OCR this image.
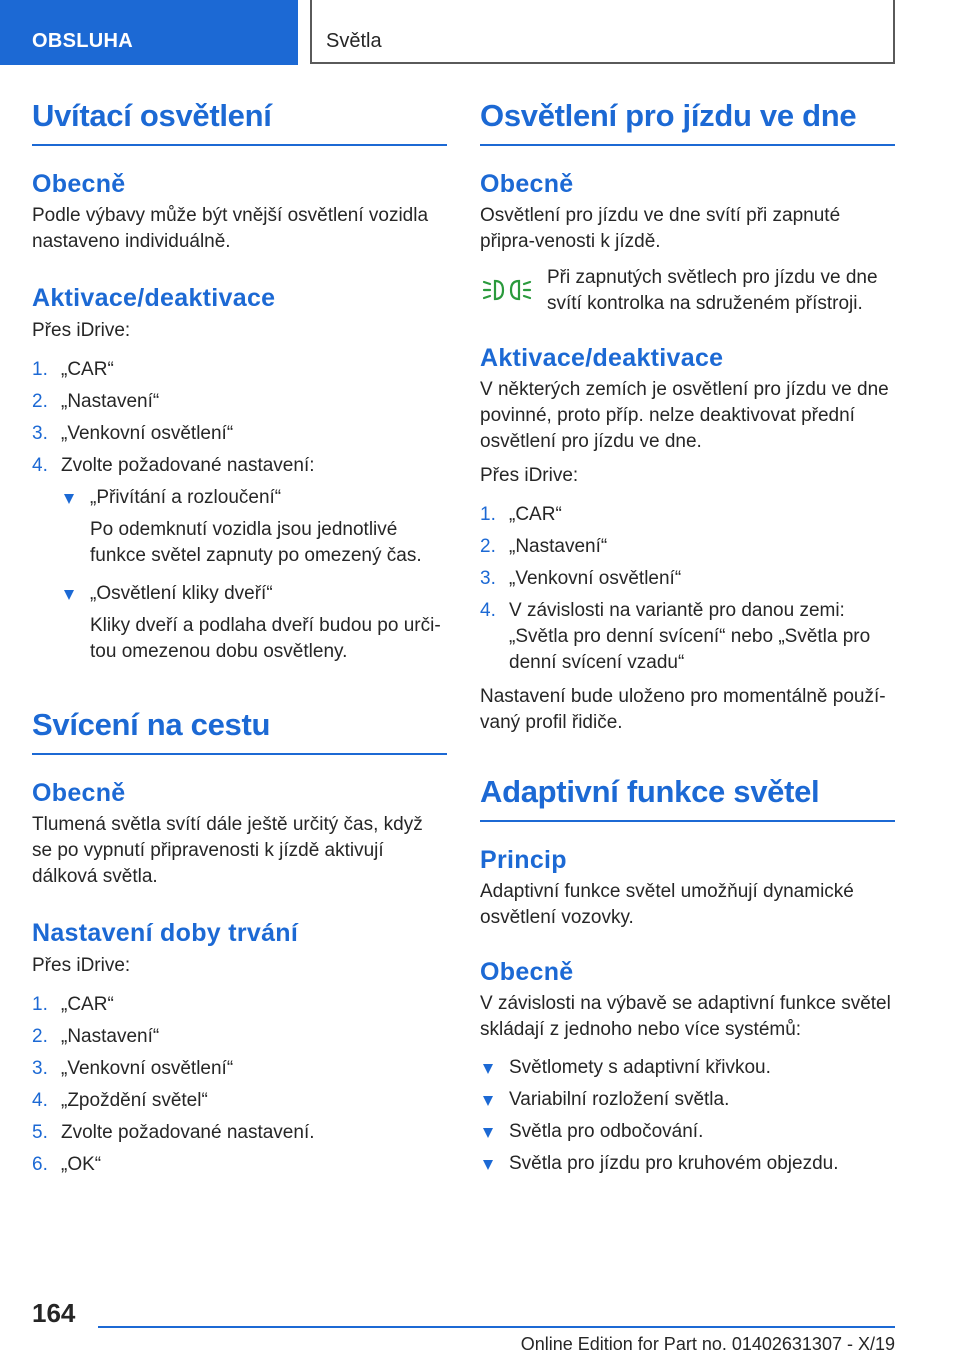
OBSLUHA	Světla
Uvítací osvětlení
Obecně

Podle výbavy může být vnější osvětlení vozidla nastaveno individuálně.

Aktivace/deaktivace

Přes iDrive:

1. „CAR“
2. „Nastavení“
3. „Venkovní osvětlení“
4. Zvolte požadované nastavení:
„Přivítání a rozloučení“

Po odemknutí vozidla jsou jednotlivé funkce světel zapnuty po omezený čas.

„Osvětlení kliky dveří“

Kliky dveří a podlaha dveří budou po urči-tou omezenou dobu osvětleny.

Svícení na cestu
Obecně

Tlumená světla svítí dále ještě určitý čas, když se po vypnutí připravenosti k jízdě aktivují dálková světla.

Nastavení doby trvání

Přes iDrive:

1. „CAR“
2. „Nastavení“
3. „Venkovní osvětlení“
4. „Zpoždění světel“
5. Zvolte požadované nastavení.
6. „OK“
Osvětlení pro jízdu ve dne
Obecně

Osvětlení pro jízdu ve dne svítí při zapnuté připra-venosti k jízdě.

Při zapnutých světlech pro jízdu ve dne svítí kontrolka na sdruženém přístroji.

Aktivace/deaktivace

V některých zemích je osvětlení pro jízdu ve dne povinné, proto příp. nelze deaktivovat přední osvětlení pro jízdu ve dne.

Přes iDrive:

1. „CAR“
2. „Nastavení“
3. „Venkovní osvětlení“
4. V závislosti na variantě pro danou zemi: „Světla pro denní svícení“ nebo „Světla pro denní svícení vzadu“

Nastavení bude uloženo pro momentálně použí-vaný profil řidiče.

Adaptivní funkce světel
Princip

Adaptivní funkce světel umožňují dynamické osvětlení vozovky.

Obecně

V závislosti na výbavě se adaptivní funkce světel skládají z jednoho nebo více systémů:

Světlomety s adaptivní křivkou.
Variabilní rozložení světla.
Světla pro odbočování.
Světla pro jízdu pro kruhovém objezdu.
164
Online Edition for Part no. 01402631307 - X/19
